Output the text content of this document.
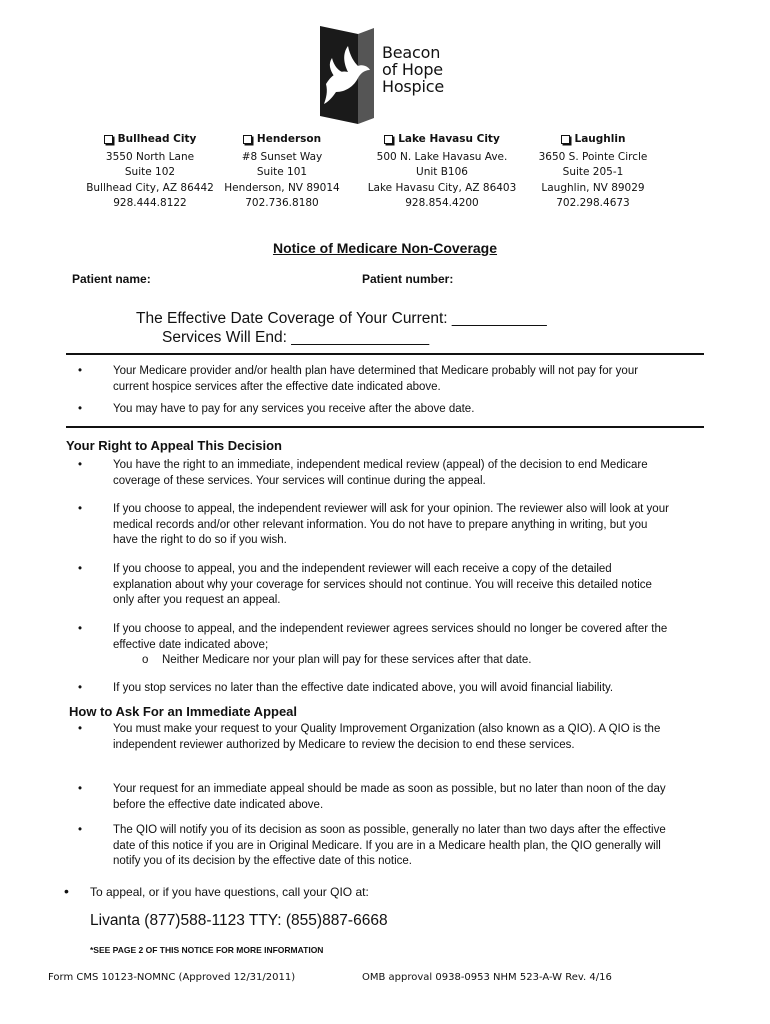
Beacon
of Hope
Hospice
Bullhead City
3550 North Lane
Suite 102
Bullhead City, AZ 86442
928.444.8122
Henderson
#8 Sunset Way
Suite 101
Henderson, NV 89014
702.736.8180
Lake Havasu City
500 N. Lake Havasu Ave.
Unit B106
Lake Havasu City, AZ 86403
928.854.4200
Laughlin
3650 S. Pointe Circle
Suite 205-1
Laughlin, NV 89029
702.298.4673
Notice of Medicare Non-Coverage
Patient name:	Patient number:
The Effective Date Coverage of Your Current: ___________
Services Will End: ________________
•	Your Medicare provider and/or health plan have determined that Medicare probably will not pay for your current hospice services after the effective date indicated above.
•	You may have to pay for any services you receive after the above date.
Your Right to Appeal This Decision
•	You have the right to an immediate, independent medical review (appeal) of the decision to end Medicare coverage of these services. Your services will continue during the appeal.
•	If you choose to appeal, the independent reviewer will ask for your opinion. The reviewer also will look at your medical records and/or other relevant information. You do not have to prepare anything in writing, but you have the right to do so if you wish.
•	If you choose to appeal, you and the independent reviewer will each receive a copy of the detailed explanation about why your coverage for services should not continue. You will receive this detailed notice only after you request an appeal.
•	If you choose to appeal, and the independent reviewer agrees services should no longer be covered after the effective date indicated above;
o Neither Medicare nor your plan will pay for these services after that date.
•	If you stop services no later than the effective date indicated above, you will avoid financial liability.
How to Ask For an Immediate Appeal
•	You must make your request to your Quality Improvement Organization (also known as a QIO). A QIO is the independent reviewer authorized by Medicare to review the decision to end these services.
•	Your request for an immediate appeal should be made as soon as possible, but no later than noon of the day before the effective date indicated above.
•	The QIO will notify you of its decision as soon as possible, generally no later than two days after the effective date of this notice if you are in Original Medicare. If you are in a Medicare health plan, the QIO generally will notify you of its decision by the effective date of this notice.
• To appeal, or if you have questions, call your QIO at:
Livanta (877)588-1123 TTY: (855)887-6668
*SEE PAGE 2 OF THIS NOTICE FOR MORE INFORMATION
Form CMS 10123-NOMNC (Approved 12/31/2011)	OMB approval 0938-0953 NHM 523-A-W Rev. 4/16
